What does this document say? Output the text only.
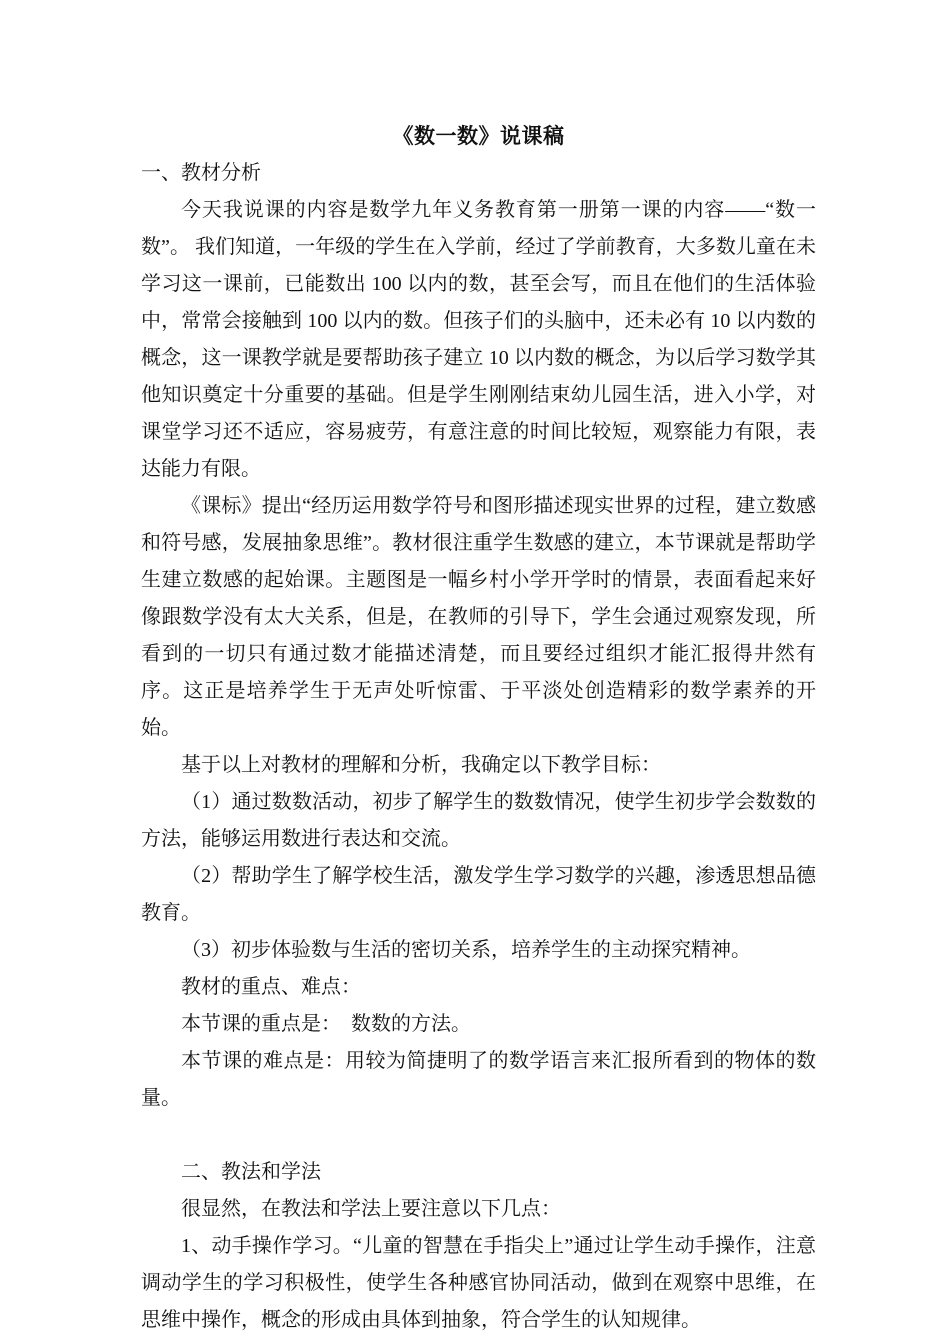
《数一数》说课稿

一、教材分析

今天我说课的内容是数学九年义务教育第一册第一课的内容——“数一数”。 我们知道，一年级的学生在入学前，经过了学前教育，大多数儿童在未学习这一课前，已能数出 100 以内的数，甚至会写，而且在他们的生活体验中，常常会接触到 100 以内的数。但孩子们的头脑中，还未必有 10 以内数的概念，这一课教学就是要帮助孩子建立 10 以内数的概念，为以后学习数学其他知识奠定十分重要的基础。但是学生刚刚结束幼儿园生活，进入小学，对课堂学习还不适应，容易疲劳，有意注意的时间比较短，观察能力有限，表达能力有限。

《课标》提出“经历运用数学符号和图形描述现实世界的过程，建立数感和符号感，发展抽象思维”。教材很注重学生数感的建立，本节课就是帮助学生建立数感的起始课。主题图是一幅乡村小学开学时的情景，表面看起来好像跟数学没有太大关系，但是，在教师的引导下，学生会通过观察发现，所看到的一切只有通过数才能描述清楚，而且要经过组织才能汇报得井然有序。这正是培养学生于无声处听惊雷、于平淡处创造精彩的数学素养的开始。

基于以上对教材的理解和分析，我确定以下教学目标：

（1）通过数数活动，初步了解学生的数数情况，使学生初步学会数数的方法，能够运用数进行表达和交流。

（2）帮助学生了解学校生活，激发学生学习数学的兴趣，渗透思想品德教育。

（3）初步体验数与生活的密切关系，培养学生的主动探究精神。

教材的重点、难点：

本节课的重点是：　数数的方法。

本节课的难点是：用较为简捷明了的数学语言来汇报所看到的物体的数量。

二、教法和学法

很显然，在教法和学法上要注意以下几点：

1、动手操作学习。“儿童的智慧在手指尖上”通过让学生动手操作，注意调动学生的学习积极性，使学生各种感官协同活动，做到在观察中思维，在思维中操作，概念的形成由具体到抽象，符合学生的认知规律。
